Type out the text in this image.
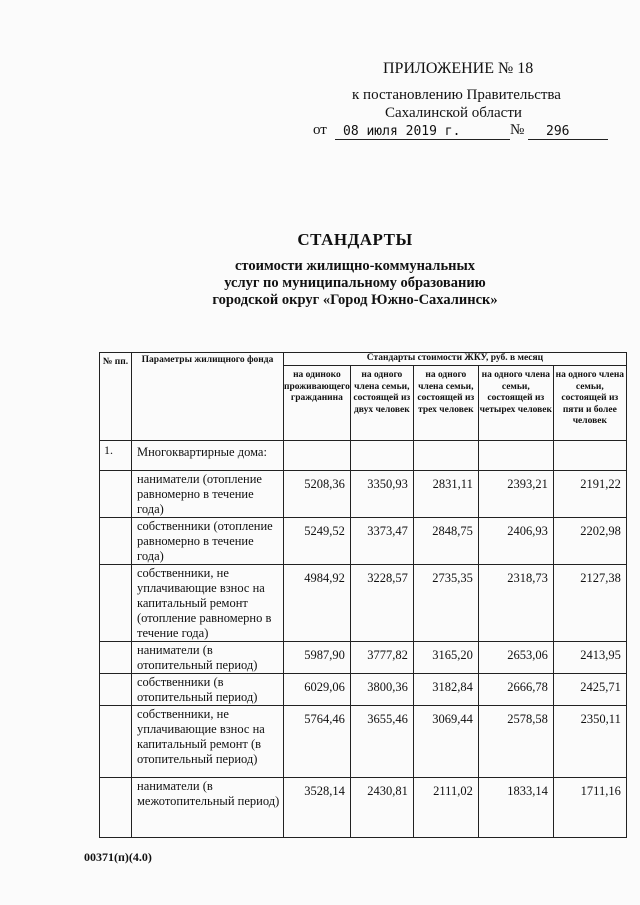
ПРИЛОЖЕНИЕ № 18
к постановлению Правительства
Сахалинской области
от	08 июля 2019 г.	№	296
СТАНДАРТЫ
стоимости жилищно-коммунальных
услуг по муниципальному образованию
городской округ «Город Южно-Сахалинск»
№ пп.	Параметры жилищного фонда	Стандарты стоимости ЖКУ, руб. в месяц				
		на одиноко проживающего гражданина	на одного члена семьи, состоящей из двух человек	на одного члена семьи, состоящей из трех человек	на одного члена семьи, состоящей из четырех человек	на одного члена семьи, состоящей из пяти и более человек
1.	Многоквартирные дома:					
	наниматели (отопление равномерно в течение года)	5208,36	3350,93	2831,11	2393,21	2191,22
	собственники (отопление равномерно в течение года)	5249,52	3373,47	2848,75	2406,93	2202,98
	собственники, не уплачивающие взнос на капитальный ремонт (отопление равномерно в течение года)	4984,92	3228,57	2735,35	2318,73	2127,38
	наниматели (в отопительный период)	5987,90	3777,82	3165,20	2653,06	2413,95
	собственники (в отопительный период)	6029,06	3800,36	3182,84	2666,78	2425,71
	собственники, не уплачивающие взнос на капитальный ремонт (в отопительный период)	5764,46	3655,46	3069,44	2578,58	2350,11
	наниматели (в межотопительный период)	3528,14	2430,81	2111,02	1833,14	1711,16
00371(п)(4.0)
